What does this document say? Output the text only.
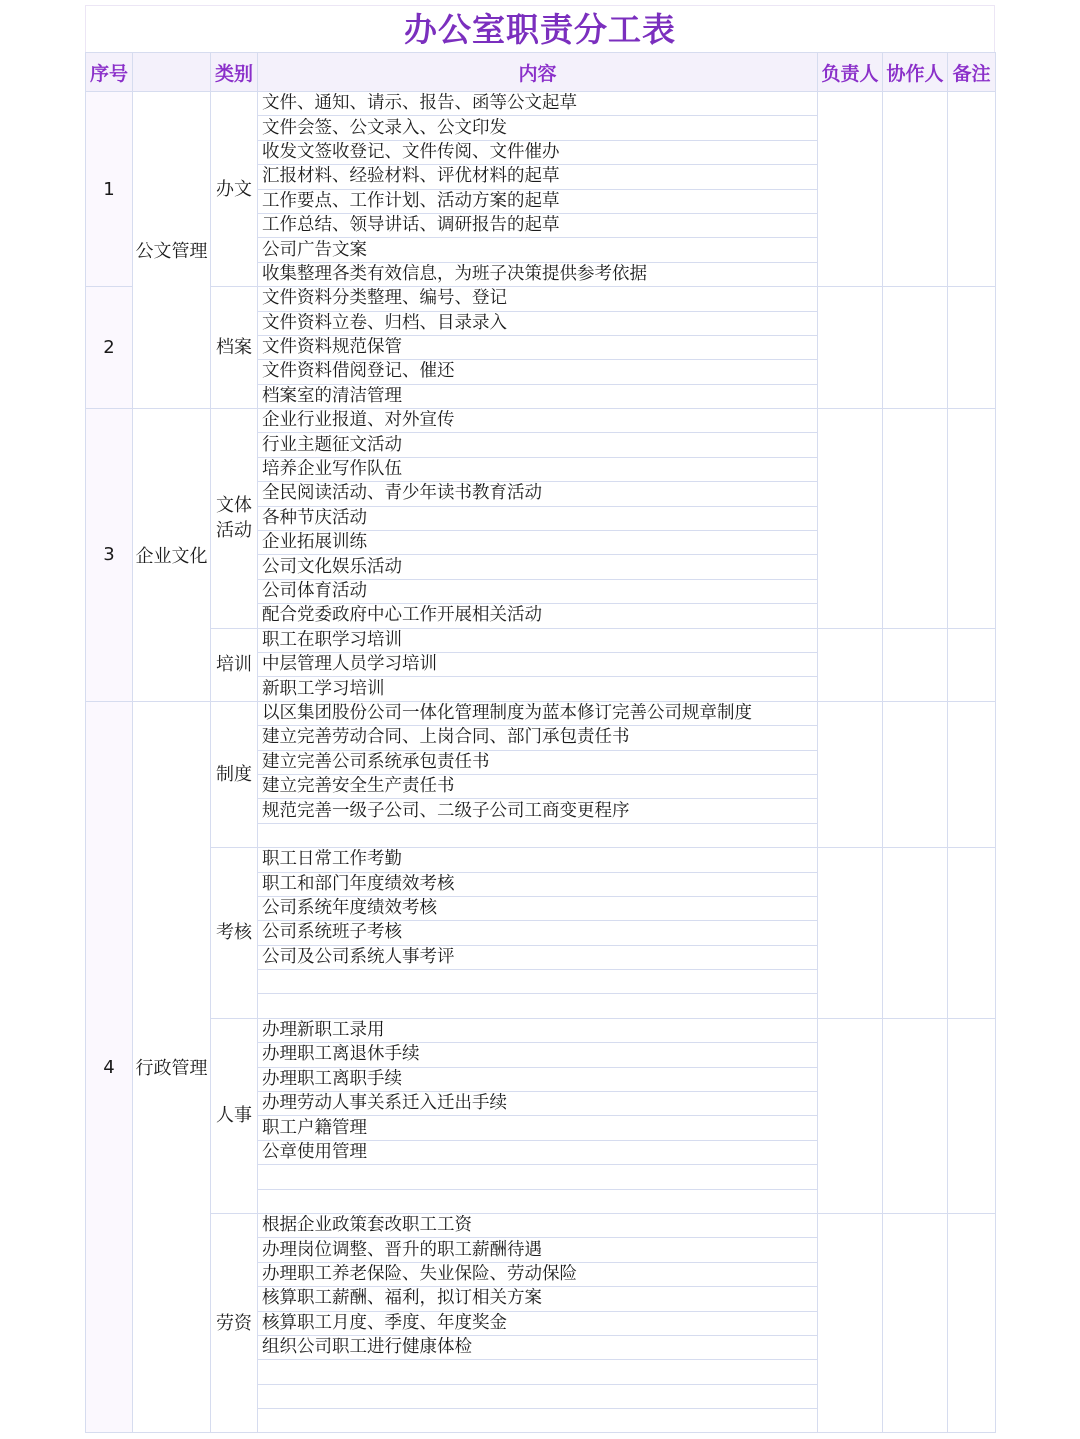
办公室职责分工表
序号		类别	内容	负责人	协作人	备注
1	公文管理	办文	文件、通知、请示、报告、函等公文起草			
			文件会签、公文录入、公文印发			
			收发文签收登记、文件传阅、文件催办			
			汇报材料、经验材料、评优材料的起草			
			工作要点、工作计划、活动方案的起草			
			工作总结、领导讲话、调研报告的起草			
			公司广告文案			
			收集整理各类有效信息，为班子决策提供参考依据			
2		档案	文件资料分类整理、编号、登记			
			文件资料立卷、归档、目录录入			
			文件资料规范保管			
			文件资料借阅登记、催还			
			档案室的清洁管理			
3	企业文化	文体活动	企业行业报道、对外宣传			
			行业主题征文活动			
			培养企业写作队伍			
			全民阅读活动、青少年读书教育活动			
			各种节庆活动			
			企业拓展训练			
			公司文化娱乐活动			
			公司体育活动			
			配合党委政府中心工作开展相关活动			
		培训	职工在职学习培训			
			中层管理人员学习培训			
			新职工学习培训			
4	行政管理	制度	以区集团股份公司一体化管理制度为蓝本修订完善公司规章制度			
			建立完善劳动合同、上岗合同、部门承包责任书			
			建立完善公司系统承包责任书			
			建立完善安全生产责任书			
			规范完善一级子公司、二级子公司工商变更程序			

		考核	职工日常工作考勤			
			职工和部门年度绩效考核			
			公司系统年度绩效考核			
			公司系统班子考核			
			公司及公司系统人事考评			

		人事	办理新职工录用			
			办理职工离退休手续			
			办理职工离职手续			
			办理劳动人事关系迁入迁出手续			
			职工户籍管理			
			公章使用管理			

		劳资	根据企业政策套改职工工资			
			办理岗位调整、晋升的职工薪酬待遇			
			办理职工养老保险、失业保险、劳动保险			
			核算职工薪酬、福利，拟订相关方案			
			核算职工月度、季度、年度奖金			
			组织公司职工进行健康体检			
